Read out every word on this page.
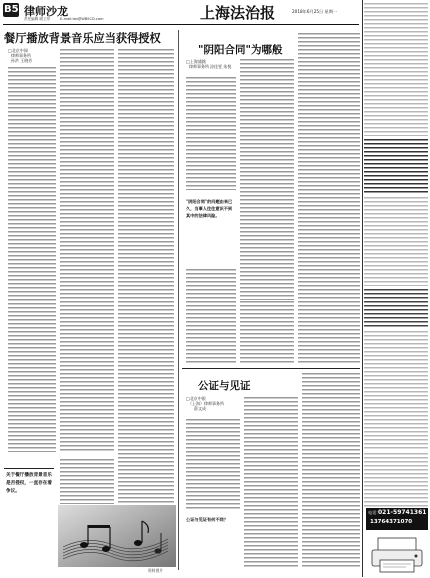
B5 律师沙龙
责任编辑 顾卫东	E-mail:lsb@WBSCD.com	上海法治报	2018年6月25日 星期一
餐厅播放背景音乐应当获得授权
□北京中闻
律师事务所
孙洪 王晓芳
关于餐厅播放背景音乐是否侵权，一直存在着争议。
资料图片
"阴阳合同"为哪般
□上海浦銘
律师事务所 涂佳雯 朱悦
"阴阳合同"的问题由来已久，当事人往往意识不到其中的法律风险。
公证与见证
□北京中银
（上海）律师事务所
薛文成
公证与见证有何不同？
电话：
021-59741361
13764371070
